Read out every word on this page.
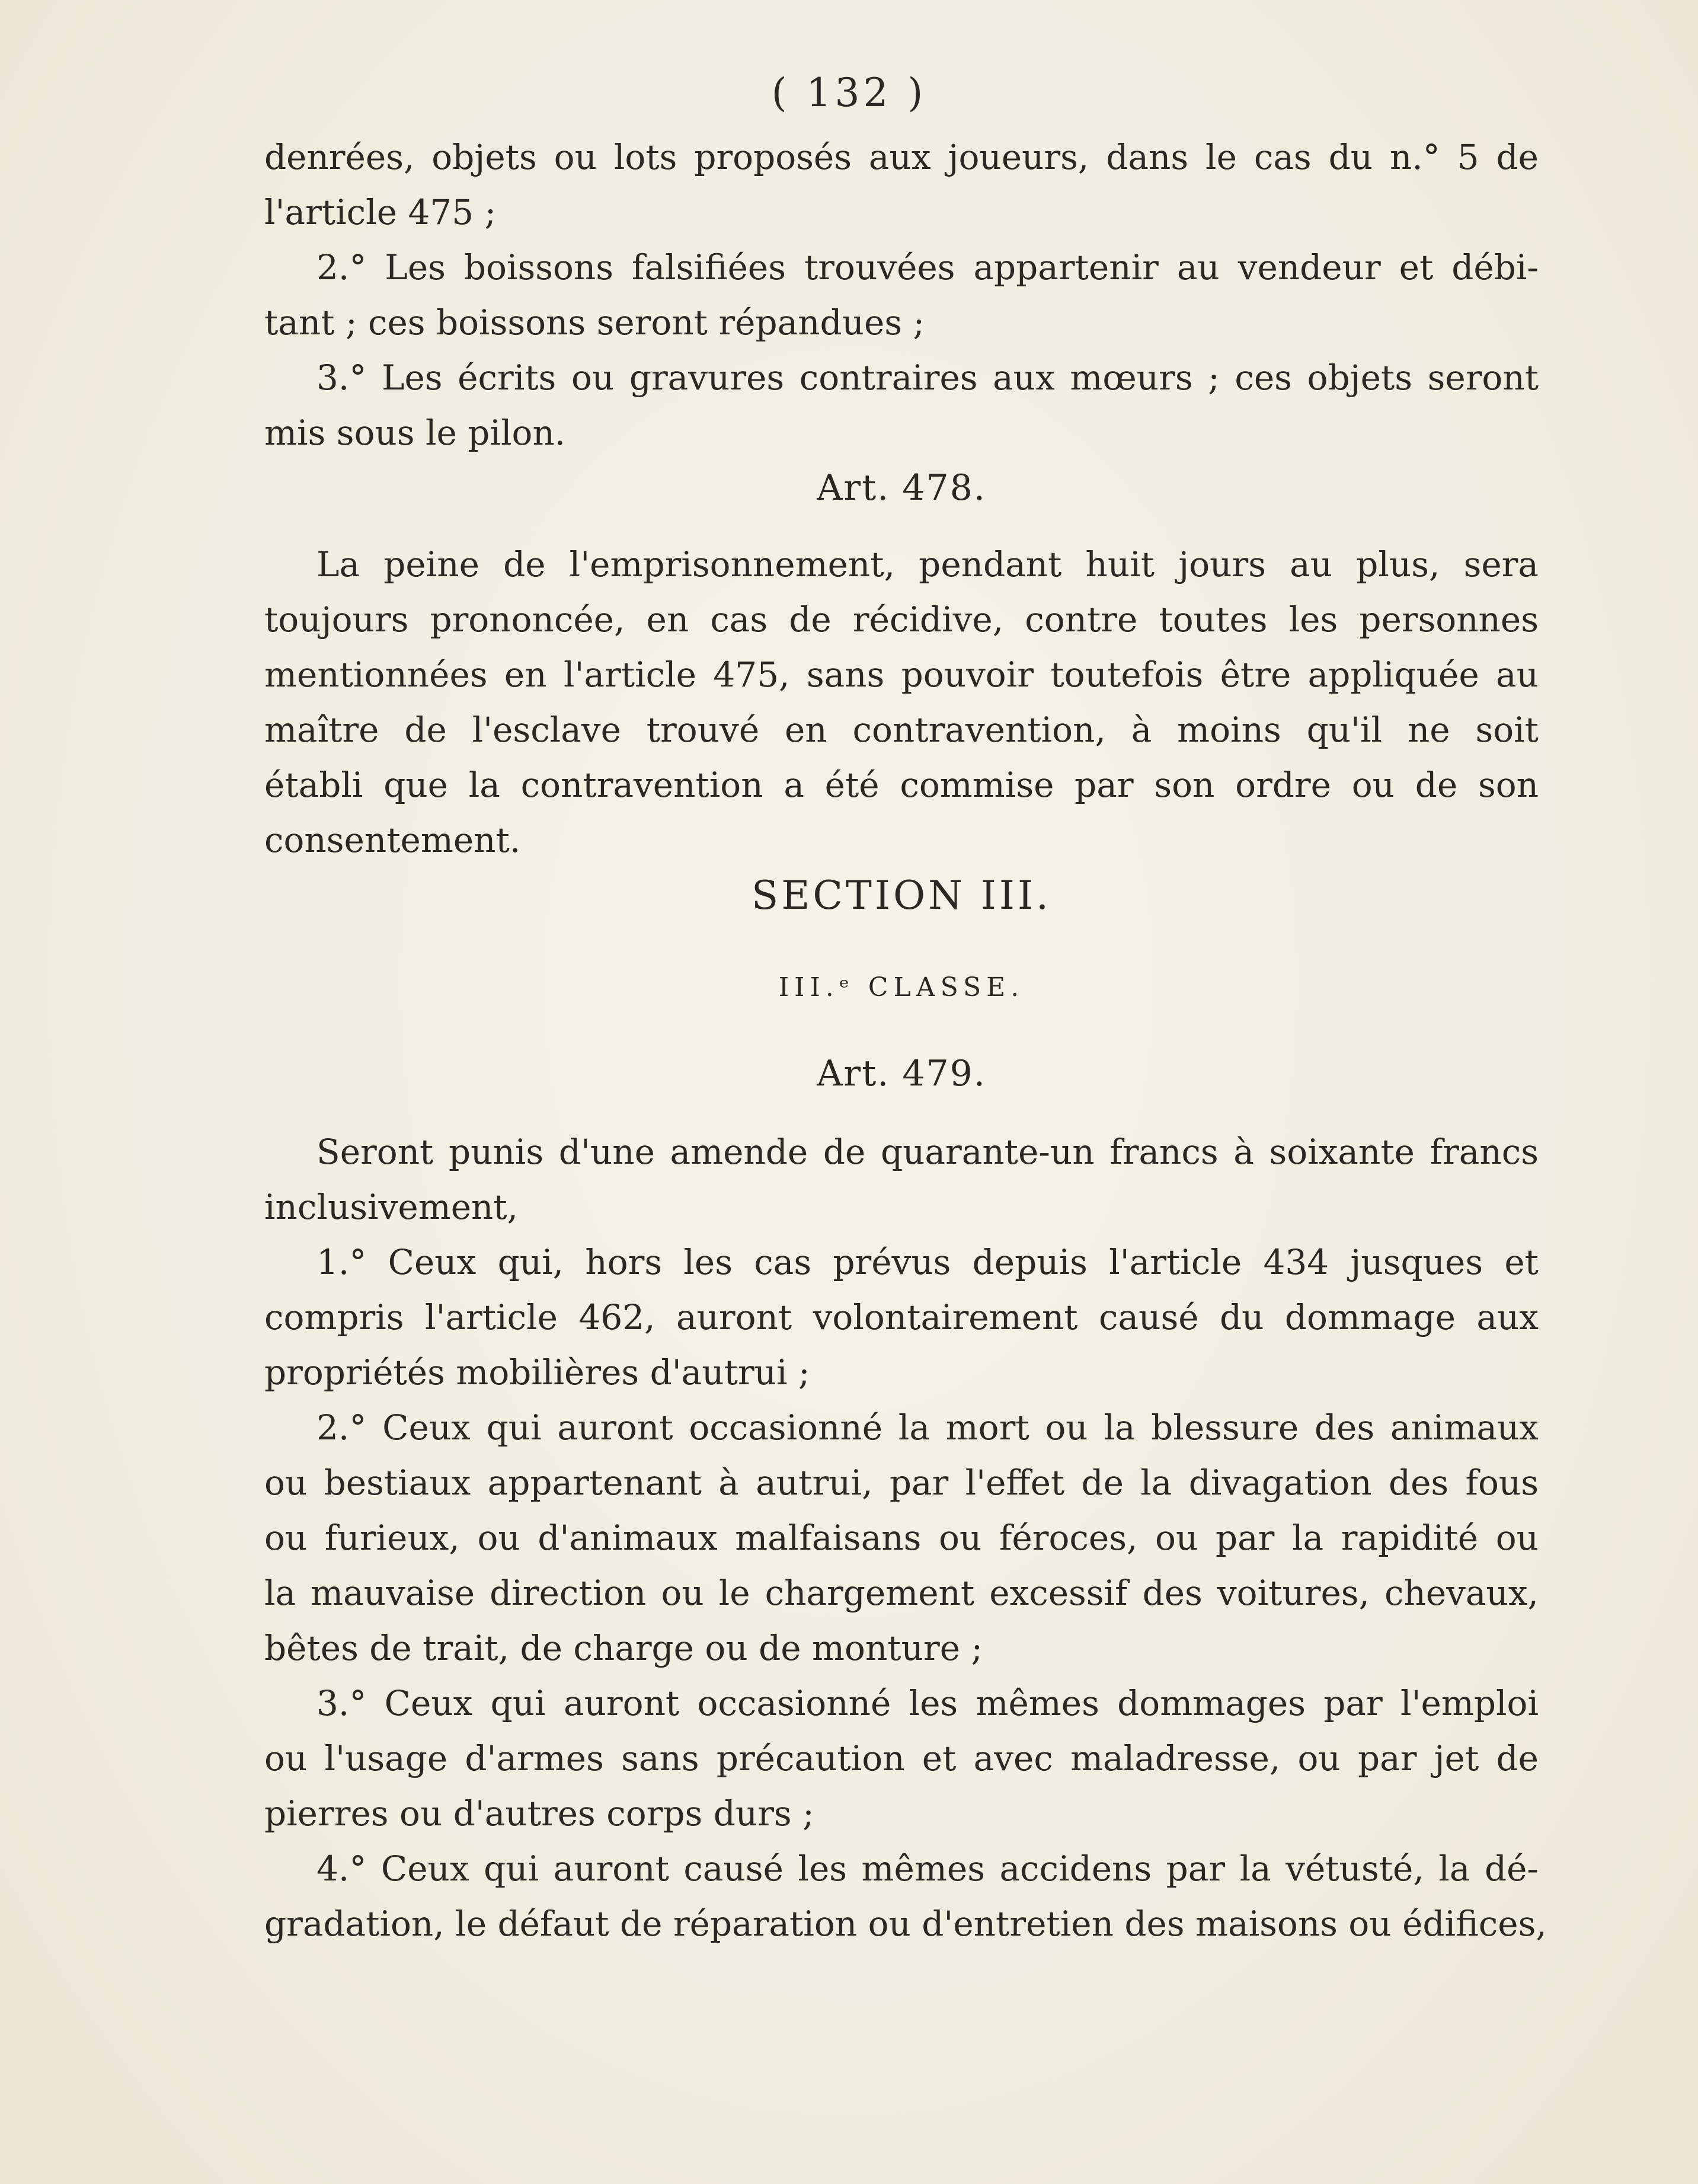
( 132 )
denrées, objets ou lots proposés aux joueurs, dans le cas du n.° 5 de
l'article 475 ;
2.° Les boissons falsifiées trouvées appartenir au vendeur et débi-
tant ; ces boissons seront répandues ;
3.° Les écrits ou gravures contraires aux mœurs ; ces objets seront
mis sous le pilon.
Art. 478.
La peine de l'emprisonnement, pendant huit jours au plus, sera
toujours prononcée, en cas de récidive, contre toutes les personnes
mentionnées en l'article 475, sans pouvoir toutefois être appliquée au
maître de l'esclave trouvé en contravention, à moins qu'il ne soit
établi que la contravention a été commise par son ordre ou de son
consentement.
SECTION III.
III.ᵉ CLASSE.
Art. 479.
Seront punis d'une amende de quarante-un francs à soixante francs
inclusivement,
1.° Ceux qui, hors les cas prévus depuis l'article 434 jusques et
compris l'article 462, auront volontairement causé du dommage aux
propriétés mobilières d'autrui ;
2.° Ceux qui auront occasionné la mort ou la blessure des animaux
ou bestiaux appartenant à autrui, par l'effet de la divagation des fous
ou furieux, ou d'animaux malfaisans ou féroces, ou par la rapidité ou
la mauvaise direction ou le chargement excessif des voitures, chevaux,
bêtes de trait, de charge ou de monture ;
3.° Ceux qui auront occasionné les mêmes dommages par l'emploi
ou l'usage d'armes sans précaution et avec maladresse, ou par jet de
pierres ou d'autres corps durs ;
4.° Ceux qui auront causé les mêmes accidens par la vétusté, la dé-
gradation, le défaut de réparation ou d'entretien des maisons ou édifices,
